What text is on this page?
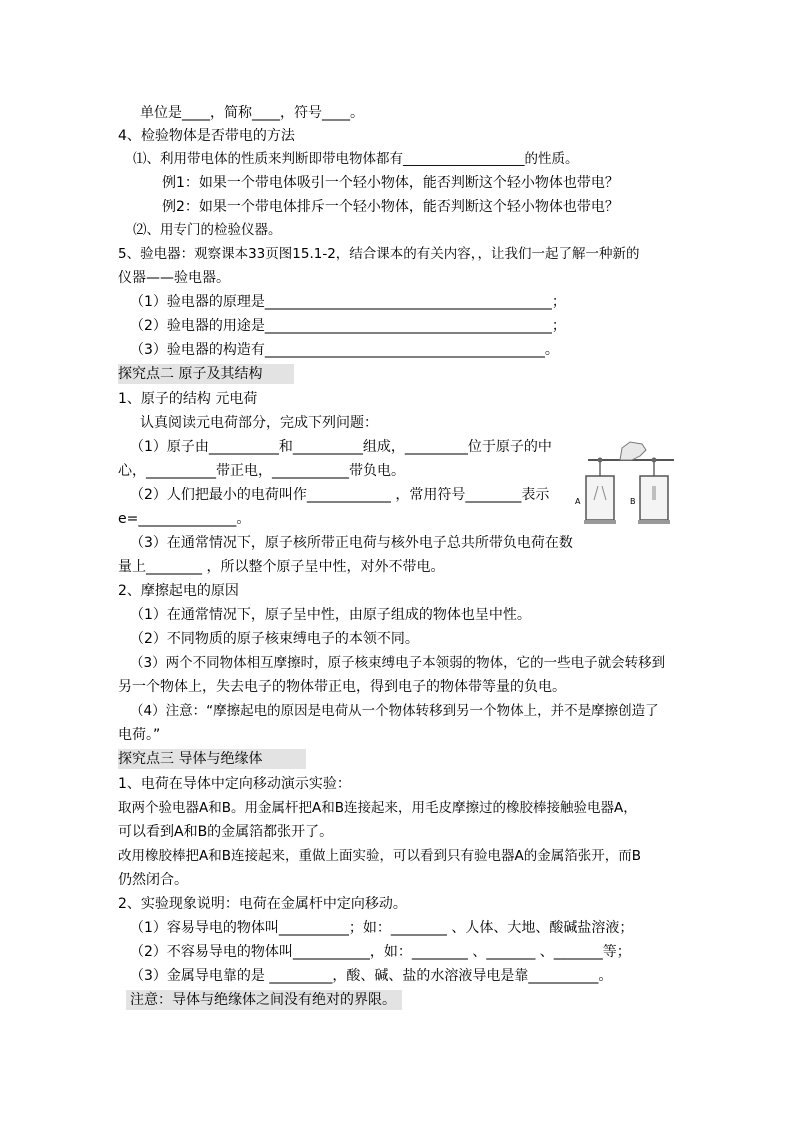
单位是____，简称____，符号____。
4、检验物体是否带电的方法
⑴、利用带电体的性质来判断即带电物体都有__________________的性质。
例1：如果一个带电体吸引一个轻小物体，能否判断这个轻小物体也带电？
例2：如果一个带电体排斥一个轻小物体，能否判断这个轻小物体也带电？
⑵、用专门的检验仪器。
5、验电器：观察课本33页图15.1-2，结合课本的有关内容，，让我们一起了解一种新的
仪器——验电器。
（1）验电器的原理是_________________________________________；
（2）验电器的用途是_________________________________________；
（3）验电器的构造有________________________________________。
探究点二 原子及其结构
1、原子的结构 元电荷
认真阅读元电荷部分，完成下列问题：
（1）原子由__________和__________组成，_________位于原子的中
心，__________带正电，___________带负电。
（2）人们把最小的电荷叫作____________ ，常用符号________表示
e=______________。
（3）在通常情况下，原子核所带正电荷与核外电子总共所带负电荷在数
量上________ ，所以整个原子呈中性，对外不带电。
2、摩擦起电的原因
（1）在通常情况下，原子呈中性，由原子组成的物体也呈中性。
（2）不同物质的原子核束缚电子的本领不同。
（3）两个不同物体相互摩擦时，原子核束缚电子本领弱的物体，它的一些电子就会转移到
另一个物体上，失去电子的物体带正电，得到电子的物体带等量的负电。
（4）注意：“摩擦起电的原因是电荷从一个物体转移到另一个物体上，并不是摩擦创造了
电荷。”
探究点三 导体与绝缘体
1、电荷在导体中定向移动演示实验：
取两个验电器A和B。用金属杆把A和B连接起来，用毛皮摩擦过的橡胶棒接触验电器A，
可以看到A和B的金属箔都张开了。
改用橡胶棒把A和B连接起来，重做上面实验，可以看到只有验电器A的金属箔张开，而B
仍然闭合。
2、实验现象说明：电荷在金属杆中定向移动。
（1）容易导电的物体叫__________；如：________ 、人体、大地、酸碱盐溶液；
（2）不容易导电的物体叫___________，如：________ 、_______ 、_______等；
（3）金属导电靠的是 _________，酸、碱、盐的水溶液导电是靠__________。
注意：导体与绝缘体之间没有绝对的界限。
A	B
